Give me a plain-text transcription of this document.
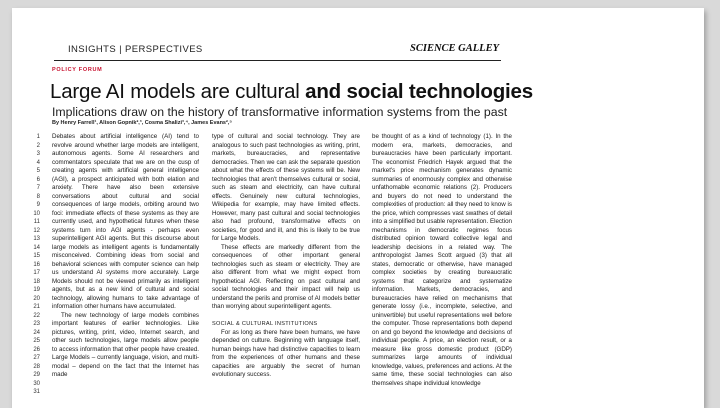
INSIGHTS | PERSPECTIVES	SCIENCE GALLEY
POLICY FORUM
Large AI models are cultural and social technologies
Implications draw on the history of transformative information systems from the past
By Henry Farrell¹, Alison Gopnik²,³, Cosma Shalizi³,⁴, James Evans²,⁵
1
2
3
4
5
6
7
8
9
10
11
12
13
14
15
16
17
18
19
20
21
22
23
24
25
26
27
28
29
30
31

Debates about artificial intelligence (AI) tend to revolve around whether large models are intelligent, autonomous agents. Some AI researchers and commentators speculate that we are on the cusp of creating agents with artificial general intelligence (AGI), a prospect anticipated with both elation and anxiety. There have also been extensive conversations about cultural and social consequences of large models, orbiting around two foci: immediate effects of these systems as they are currently used, and hypothetical futures when these systems turn into AGI agents - perhaps even superintelligent AGI agents. But this discourse about large models as intelligent agents is fundamentally misconceived. Combining ideas from social and behavioral sciences with computer science can help us understand AI systems more accurately. Large Models should not be viewed primarily as intelligent agents, but as a new kind of cultural and social technology, allowing humans to take advantage of information other humans have accumulated.

The new technology of large models combines important features of earlier technologies. Like pictures, writing, print, video, Internet search, and other such technologies, large models allow people to access information that other people have created. Large Models – currently language, vision, and multi-modal – depend on the fact that the Internet has made

type of cultural and social technology. They are analogous to such past technologies as writing, print, markets, bureaucracies, and representative democracies. Then we can ask the separate question about what the effects of these systems will be. New technologies that aren't themselves cultural or social, such as steam and electricity, can have cultural effects. Genuinely new cultural technologies, Wikipedia for example, may have limited effects. However, many past cultural and social technologies also had profound, transformative effects on societies, for good and ill, and this is likely to be true for Large Models.

These effects are markedly different from the consequences of other important general technologies such as steam or electricity. They are also different from what we might expect from hypothetical AGI. Reflecting on past cultural and social technologies and their impact will help us understand the perils and promise of AI models better than worrying about superintelligent agents.

SOCIAL & CULTURAL INSTITUTIONS

For as long as there have been humans, we have depended on culture. Beginning with language itself, human beings have had distinctive capacities to learn from the experiences of other humans and these capacities are arguably the secret of human evolutionary success.

be thought of as a kind of technology (1). In the modern era, markets, democracies, and bureaucracies have been particularly important. The economist Friedrich Hayek argued that the market's price mechanism generates dynamic summaries of enormously complex and otherwise unfathomable economic relations (2). Producers and buyers do not need to understand the complexities of production: all they need to know is the price, which compresses vast swathes of detail into a simplified but usable representation. Election mechanisms in democratic regimes focus distributed opinion toward collective legal and leadership decisions in a related way. The anthropologist James Scott argued (3) that all states, democratic or otherwise, have managed complex societies by creating bureaucratic systems that categorize and systematize information. Markets, democracies, and bureaucracies have relied on mechanisms that generate lossy (i.e., incomplete, selective, and uninvertible) but useful representations well before the computer. Those representations both depend on and go beyond the knowledge and decisions of individual people. A price, an election result, or a measure like gross domestic product (GDP) summarizes large amounts of individual knowledge, values, preferences and actions. At the same time, these social technologies can also themselves shape individual knowledge
